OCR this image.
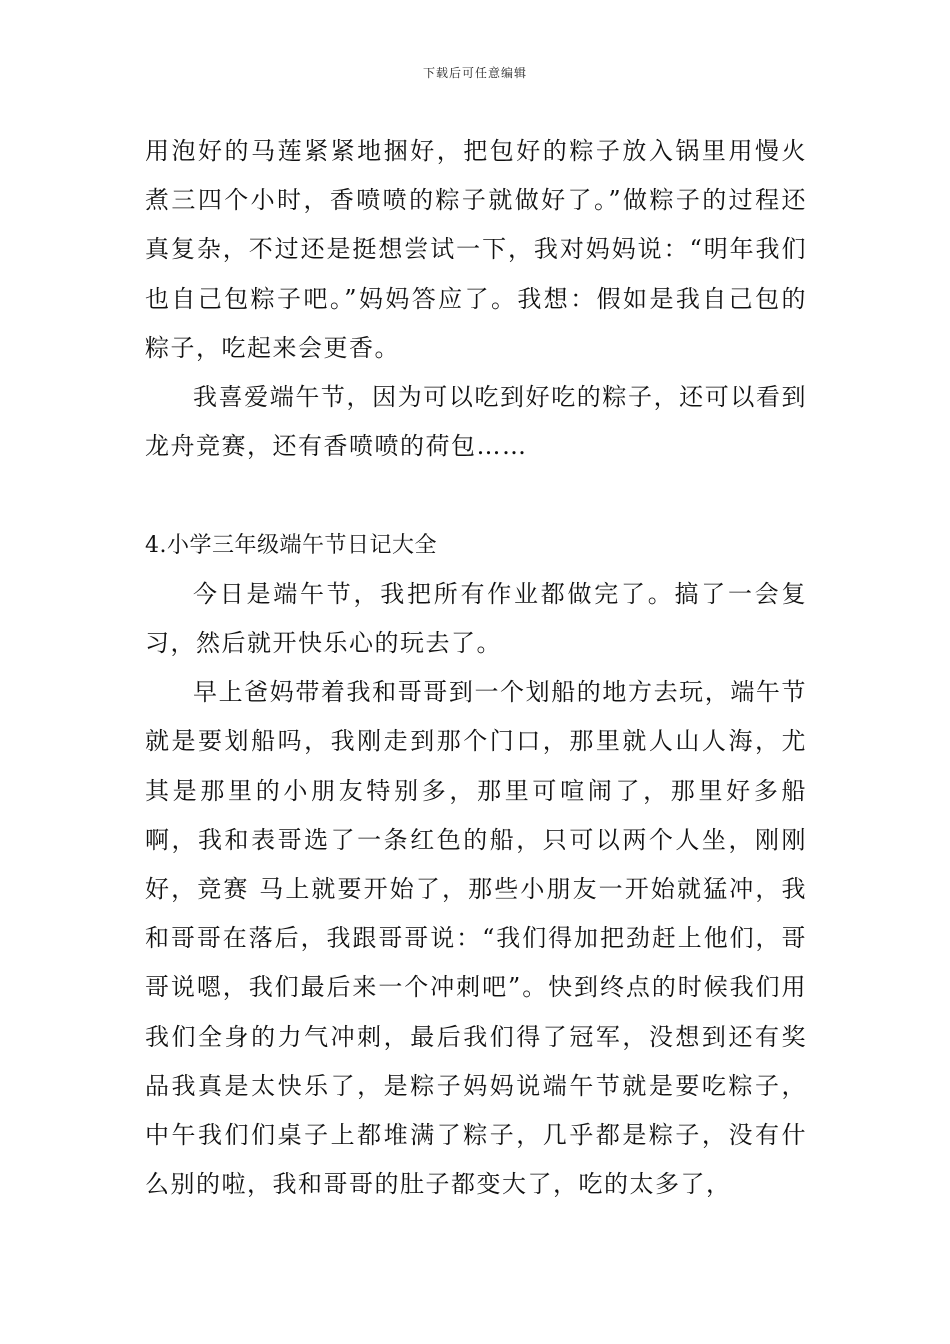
下载后可任意编辑

用泡好的马莲紧紧地捆好，把包好的粽子放入锅里用慢火煮三四个小时，香喷喷的粽子就做好了。”做粽子的过程还真复杂，不过还是挺想尝试一下，我对妈妈说：“明年我们也自己包粽子吧。”妈妈答应了。我想：假如是我自己包的粽子，吃起来会更香。

我喜爱端午节，因为可以吃到好吃的粽子，还可以看到龙舟竞赛，还有香喷喷的荷包……

4.小学三年级端午节日记大全

今日是端午节，我把所有作业都做完了。搞了一会复习，然后就开快乐心的玩去了。

早上爸妈带着我和哥哥到一个划船的地方去玩，端午节就是要划船吗，我刚走到那个门口，那里就人山人海，尤其是那里的小朋友特别多，那里可喧闹了，那里好多船啊，我和表哥选了一条红色的船，只可以两个人坐，刚刚好，竞赛 马上就要开始了，那些小朋友一开始就猛冲，我和哥哥在落后，我跟哥哥说：“我们得加把劲赶上他们，哥哥说嗯，我们最后来一个冲刺吧”。快到终点的时候我们用我们全身的力气冲刺，最后我们得了冠军，没想到还有奖品我真是太快乐了，是粽子妈妈说端午节就是要吃粽子，中午我们们桌子上都堆满了粽子，几乎都是粽子，没有什么别的啦，我和哥哥的肚子都变大了，吃的太多了，
